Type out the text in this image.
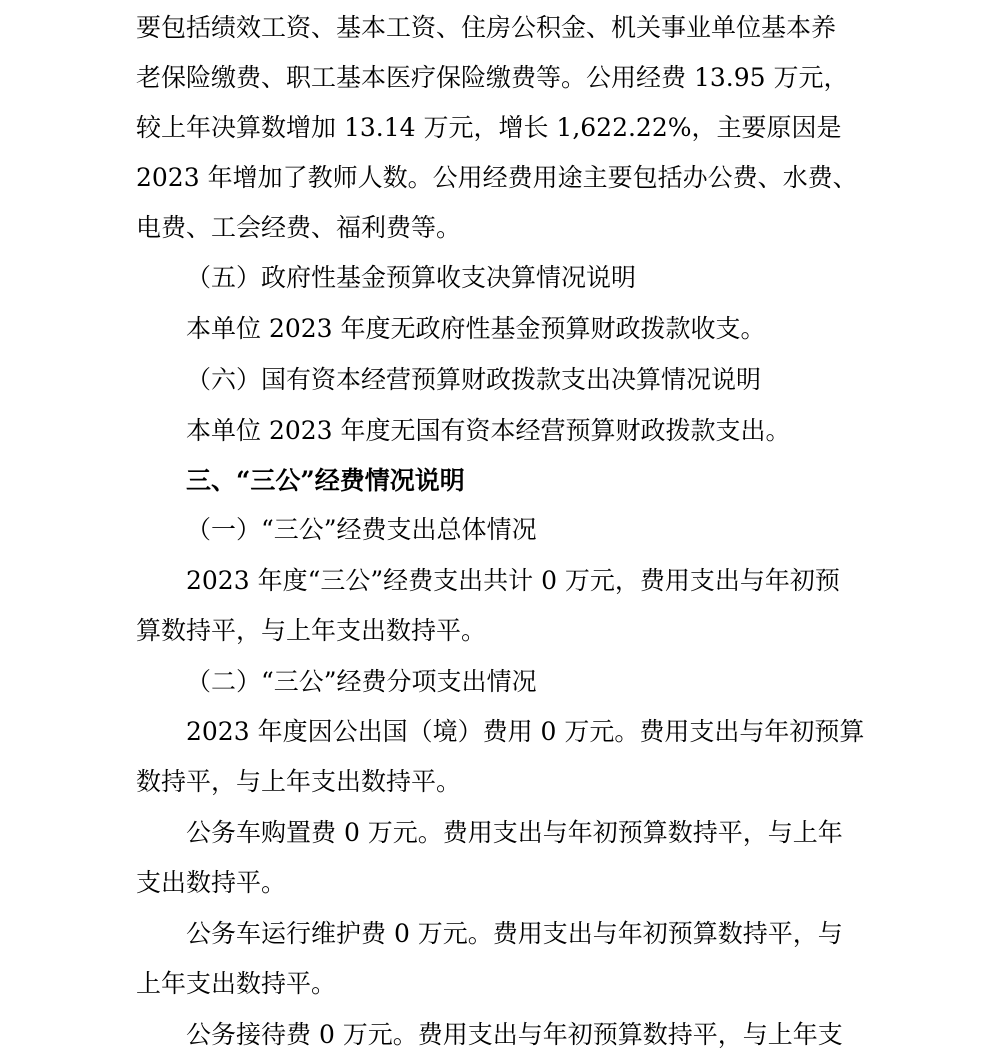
要包括绩效工资、基本工资、住房公积金、机关事业单位基本养
老保险缴费、职工基本医疗保险缴费等。公用经费 13.95 万元，
较上年决算数增加 13.14 万元，增长 1,622.22%，主要原因是
2023 年增加了教师人数。公用经费用途主要包括办公费、水费、
电费、工会经费、福利费等。
（五）政府性基金预算收支决算情况说明
本单位 2023 年度无政府性基金预算财政拨款收支。
（六）国有资本经营预算财政拨款支出决算情况说明
本单位 2023 年度无国有资本经营预算财政拨款支出。
三、“三公”经费情况说明
（一）“三公”经费支出总体情况
2023 年度“三公”经费支出共计 0 万元，费用支出与年初预
算数持平，与上年支出数持平。
（二）“三公”经费分项支出情况
2023 年度因公出国（境）费用 0 万元。费用支出与年初预算
数持平，与上年支出数持平。
公务车购置费 0 万元。费用支出与年初预算数持平，与上年
支出数持平。
公务车运行维护费 0 万元。费用支出与年初预算数持平，与
上年支出数持平。
公务接待费 0 万元。费用支出与年初预算数持平，与上年支
